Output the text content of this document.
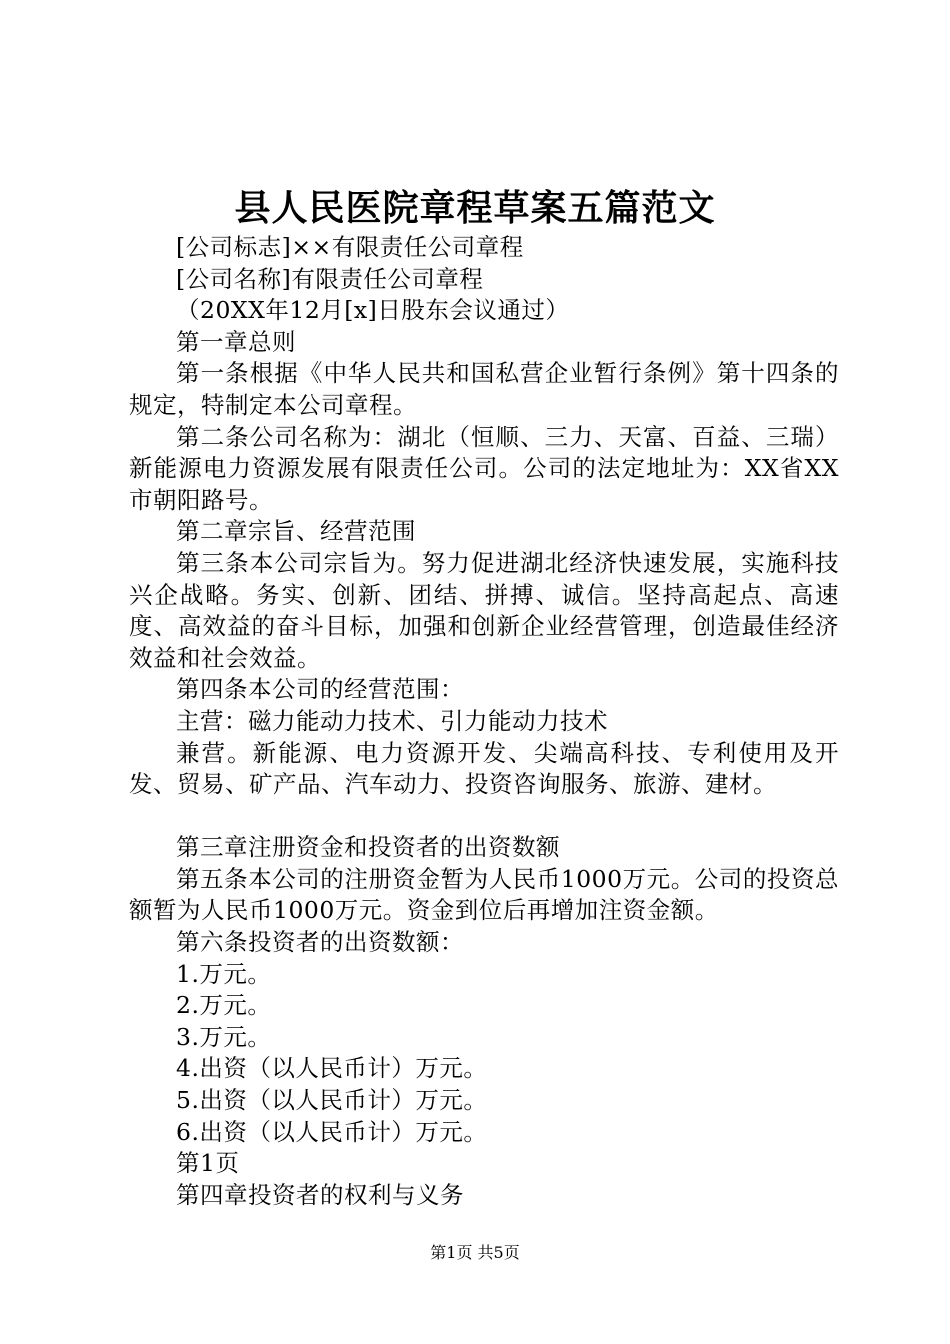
县人民医院章程草案五篇范文

[公司标志]××有限责任公司章程

[公司名称]有限责任公司章程

（20XX年12月[x]日股东会议通过）

第一章总则

第一条根据《中华人民共和国私营企业暂行条例》第十四条的规定，特制定本公司章程。

第二条公司名称为：湖北（恒顺、三力、天富、百益、三瑞）新能源电力资源发展有限责任公司。公司的法定地址为：XX省XX市朝阳路号。

第二章宗旨、经营范围

第三条本公司宗旨为。努力促进湖北经济快速发展，实施科技兴企战略。务实、创新、团结、拼搏、诚信。坚持高起点、高速度、高效益的奋斗目标，加强和创新企业经营管理，创造最佳经济效益和社会效益。

第四条本公司的经营范围：

主营：磁力能动力技术、引力能动力技术

兼营。新能源、电力资源开发、尖端高科技、专利使用及开发、贸易、矿产品、汽车动力、投资咨询服务、旅游、建材。

第三章注册资金和投资者的出资数额

第五条本公司的注册资金暂为人民币1000万元。公司的投资总额暂为人民币1000万元。资金到位后再增加注资金额。

第六条投资者的出资数额：

1.万元。

2.万元。

3.万元。

4.出资（以人民币计）万元。

5.出资（以人民币计）万元。

6.出资（以人民币计）万元。

第1页

第四章投资者的权利与义务

第1页 共5页
